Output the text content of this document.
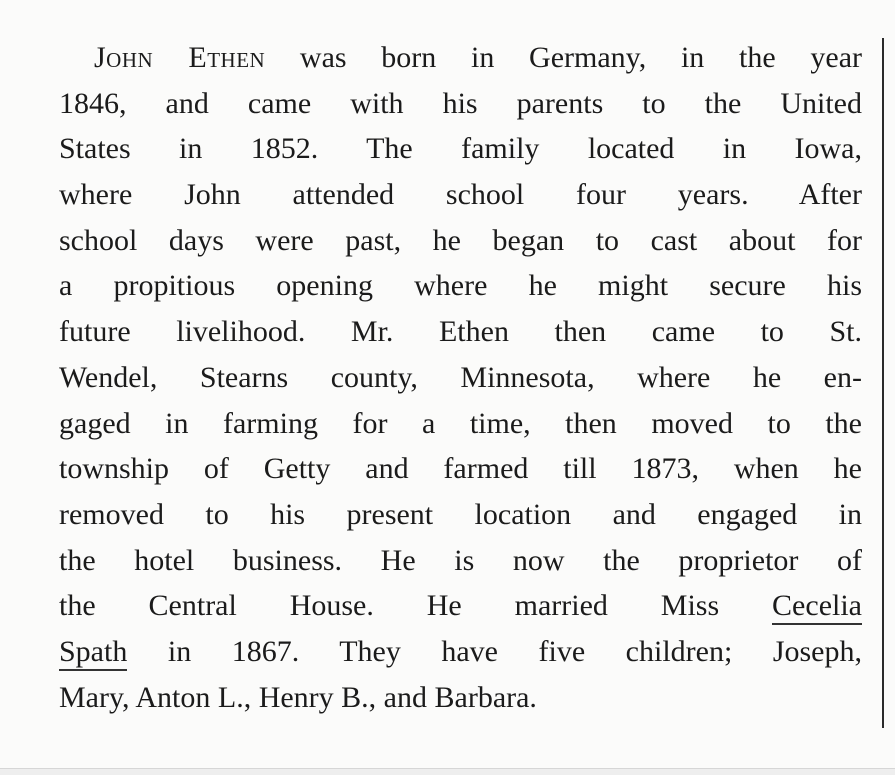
John Ethen was born in Germany, in the year
1846, and came with his parents to the United
States in 1852. The family located in Iowa,
where John attended school four years. After
school days were past, he began to cast about for
a propitious opening where he might secure his
future livelihood. Mr. Ethen then came to St.
Wendel, Stearns county, Minnesota, where he en-
gaged in farming for a time, then moved to the
township of Getty and farmed till 1873, when he
removed to his present location and engaged in
the hotel business. He is now the proprietor of
the Central House. He married Miss Cecelia
Spath in 1867. They have five children; Joseph,
Mary, Anton L., Henry B., and Barbara.
